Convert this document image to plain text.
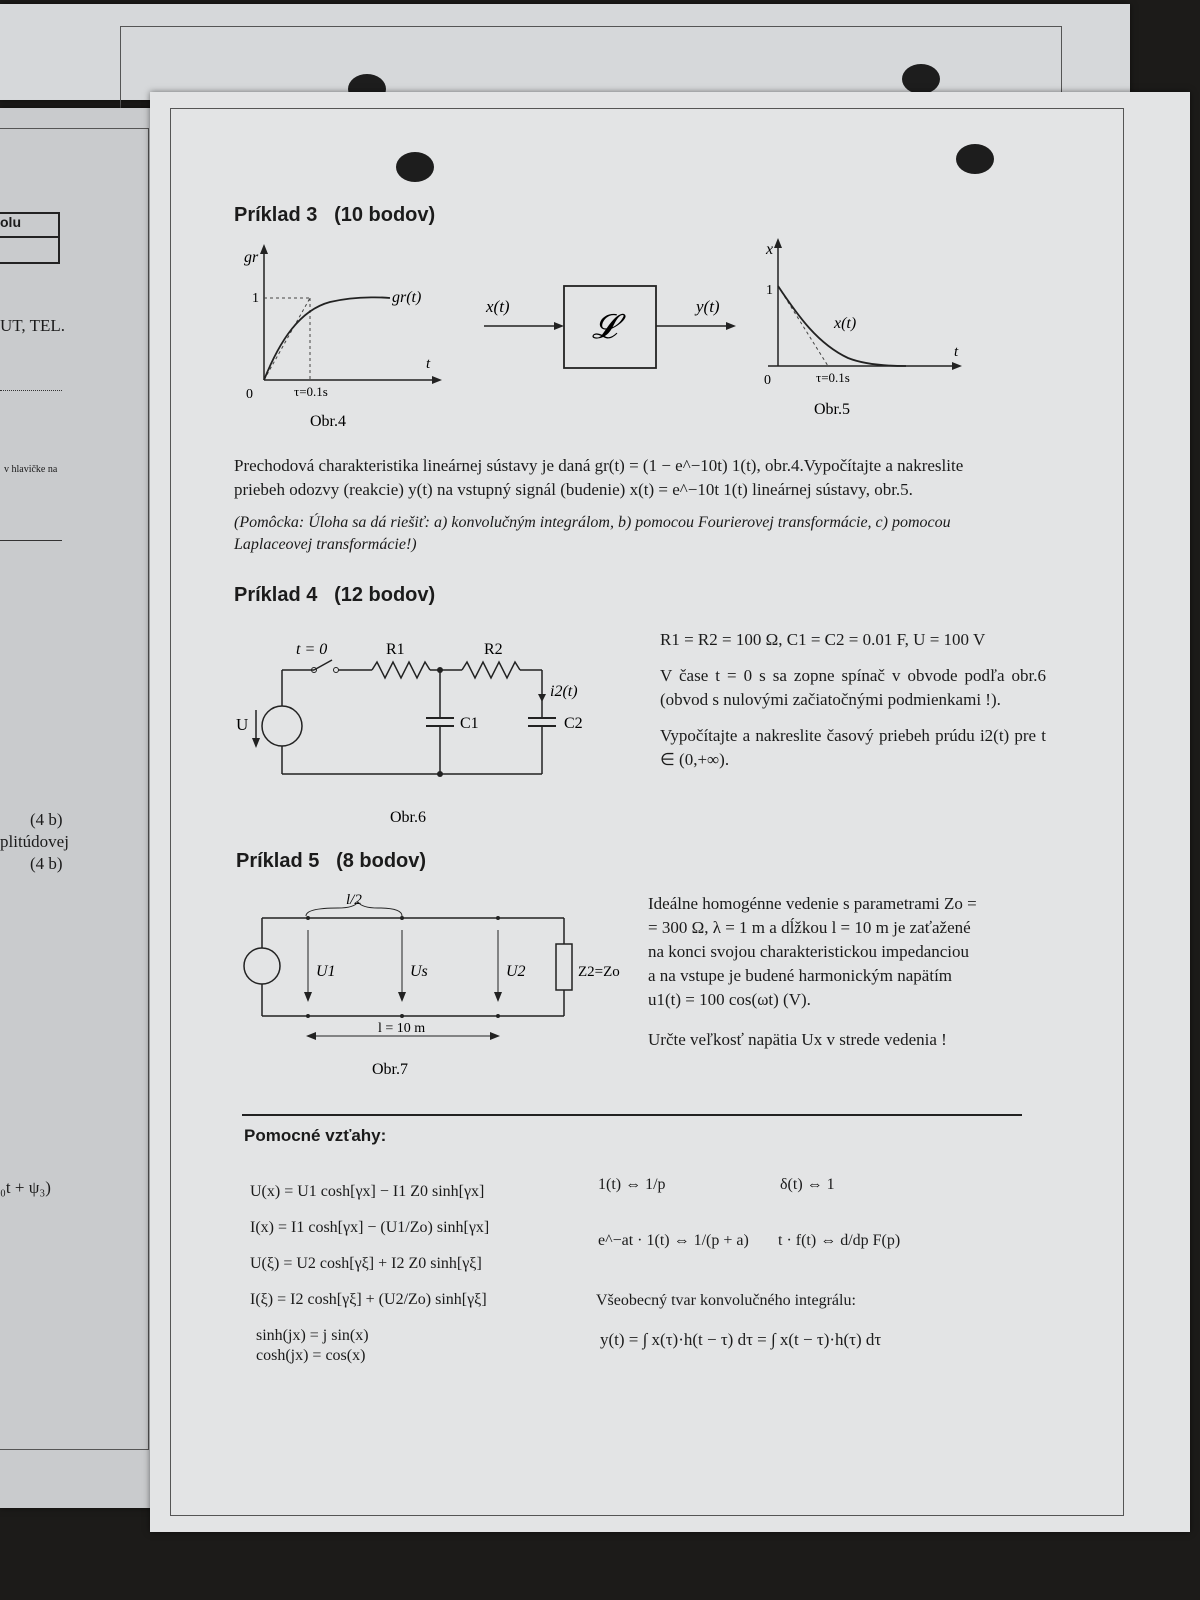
olu
UT, TEL.
v hlavičke na
(4 b)
plitúdovej
(4 b)
₀t + ψ₃)
Príklad 3 (10 bodov)
gr
1	gr(t)
t
0	τ=0.1s
Obr.4
x(t)
𝓛
y(t)
x
1
x(t)
t
0	τ=0.1s
Obr.5
Prechodová charakteristika lineárnej sústavy je daná gr(t) = (1 − e^−10t) 1(t), obr.4.Vypočítajte a nakreslite
priebeh odozvy (reakcie) y(t) na vstupný signál (budenie) x(t) = e^−10t 1(t) lineárnej sústavy, obr.5.
(Pomôcka: Úloha sa dá riešiť: a) konvolučným integrálom, b) pomocou Fourierovej transformácie, c) pomocou
Laplaceovej transformácie!)
Príklad 4 (12 bodov)
t = 0	R1	R2
U	C1	C2
i2(t)
Obr.6
R1 = R2 = 100 Ω, C1 = C2 = 0.01 F, U = 100 V
V čase t = 0 s sa zopne spínač v obvode podľa obr.6 (obvod s nulovými začiatočnými podmienkami !).
Vypočítajte a nakreslite časový priebeh prúdu i2(t) pre t ∈ (0,+∞).
Príklad 5 (8 bodov)
l/2
U1	Us	U2	Z2=Zo
l = 10 m
Obr.7
Ideálne homogénne vedenie s parametrami Zo =
= 300 Ω, λ = 1 m a dĺžkou l = 10 m je zaťažené
na konci svojou charakteristickou impedanciou
a na vstupe je budené harmonickým napätím
u1(t) = 100 cos(ωt) (V).
Určte veľkosť napätia Ux v strede vedenia !
Pomocné vzťahy:
U(x) = U1 cosh[γx] − I1 Z0 sinh[γx]
I(x) = I1 cosh[γx] − (U1/Zo) sinh[γx]
U(ξ) = U2 cosh[γξ] + I2 Z0 sinh[γξ]
I(ξ) = I2 cosh[γξ] + (U2/Zo) sinh[γξ]
sinh(jx) = j sin(x)
cosh(jx) = cos(x)
1(t) ⇔ 1/p	δ(t) ⇔ 1
e^−at · 1(t) ⇔ 1/(p + a) t · f(t) ⇔ d/dp F(p)
Všeobecný tvar konvolučného integrálu:
y(t) = ∫ x(τ)·h(t − τ) dτ = ∫ x(t − τ)·h(τ) dτ
